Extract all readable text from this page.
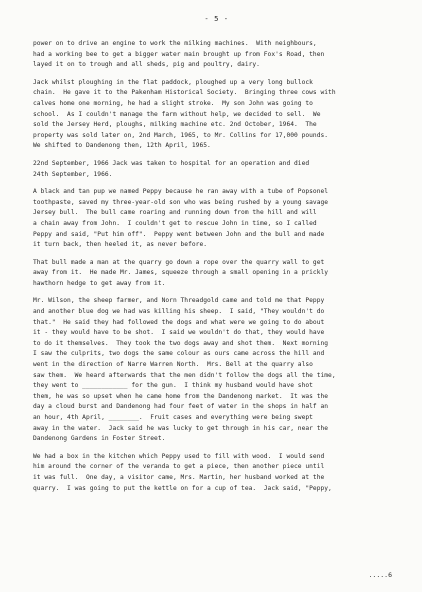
- 5 -
power on to drive an engine to work the milking machines.  With neighbours,
had a working bee to get a bigger water main brought up from Fox's Road, then
layed it on to trough and all sheds, pig and poultry, dairy.
Jack whilst ploughing in the flat paddock, ploughed up a very long bullock
chain.  He gave it to the Pakenham Historical Society.  Bringing three cows with
calves home one morning, he had a slight stroke.  My son John was going to
school.  As I couldn't manage the farm without help, we decided to sell.  We
sold the Jersey Herd, ploughs, milking machine etc. 2nd October, 1964.  The
property was sold later on, 2nd March, 1965, to Mr. Collins for 17,000 pounds.
We shifted to Dandenong then, 12th April, 1965.
22nd September, 1966 Jack was taken to hospital for an operation and died
24th September, 1966.
A black and tan pup we named Peppy because he ran away with a tube of Popsonel
toothpaste, saved my three-year-old son who was being rushed by a young savage
Jersey bull.  The bull came roaring and running down from the hill and will
a chain away from John.  I couldn't get to rescue John in time, so I called
Peppy and said, "Put him off".  Peppy went between John and the bull and made
it turn back, then heeled it, as never before.
That bull made a man at the quarry go down a rope over the quarry wall to get
away from it.  He made Mr. James, squeeze through a small opening in a prickly
hawthorn hedge to get away from it.
Mr. Wilson, the sheep farmer, and Norn Threadgold came and told me that Peppy
and another blue dog we had was killing his sheep.  I said, "They wouldn't do
that."  He said they had followed the dogs and what were we going to do about
it - they would have to be shot.  I said we wouldn't do that, they would have
to do it themselves.  They took the two dogs away and shot them.  Next morning
I saw the culprits, two dogs the same colour as ours came across the hill and
went in the direction of Narre Warren North.  Mrs. Bell at the quarry also
saw them.  We heard afterwards that the men didn't follow the dogs all the time,
they went to ____________ for the gun.  I think my husband would have shot
them, he was so upset when he came home from the Dandenong market.  It was the
day a cloud burst and Dandenong had four feet of water in the shops in half an
an hour, 4th April, ________.  Fruit cases and everything were being swept
away in the water.  Jack said he was lucky to get through in his car, near the
Dandenong Gardens in Foster Street.
We had a box in the kitchen which Peppy used to fill with wood.  I would send
him around the corner of the veranda to get a piece, then another piece until
it was full.  One day, a visitor came, Mrs. Martin, her husband worked at the
quarry.  I was going to put the kettle on for a cup of tea.  Jack said, "Peppy,
.....6
